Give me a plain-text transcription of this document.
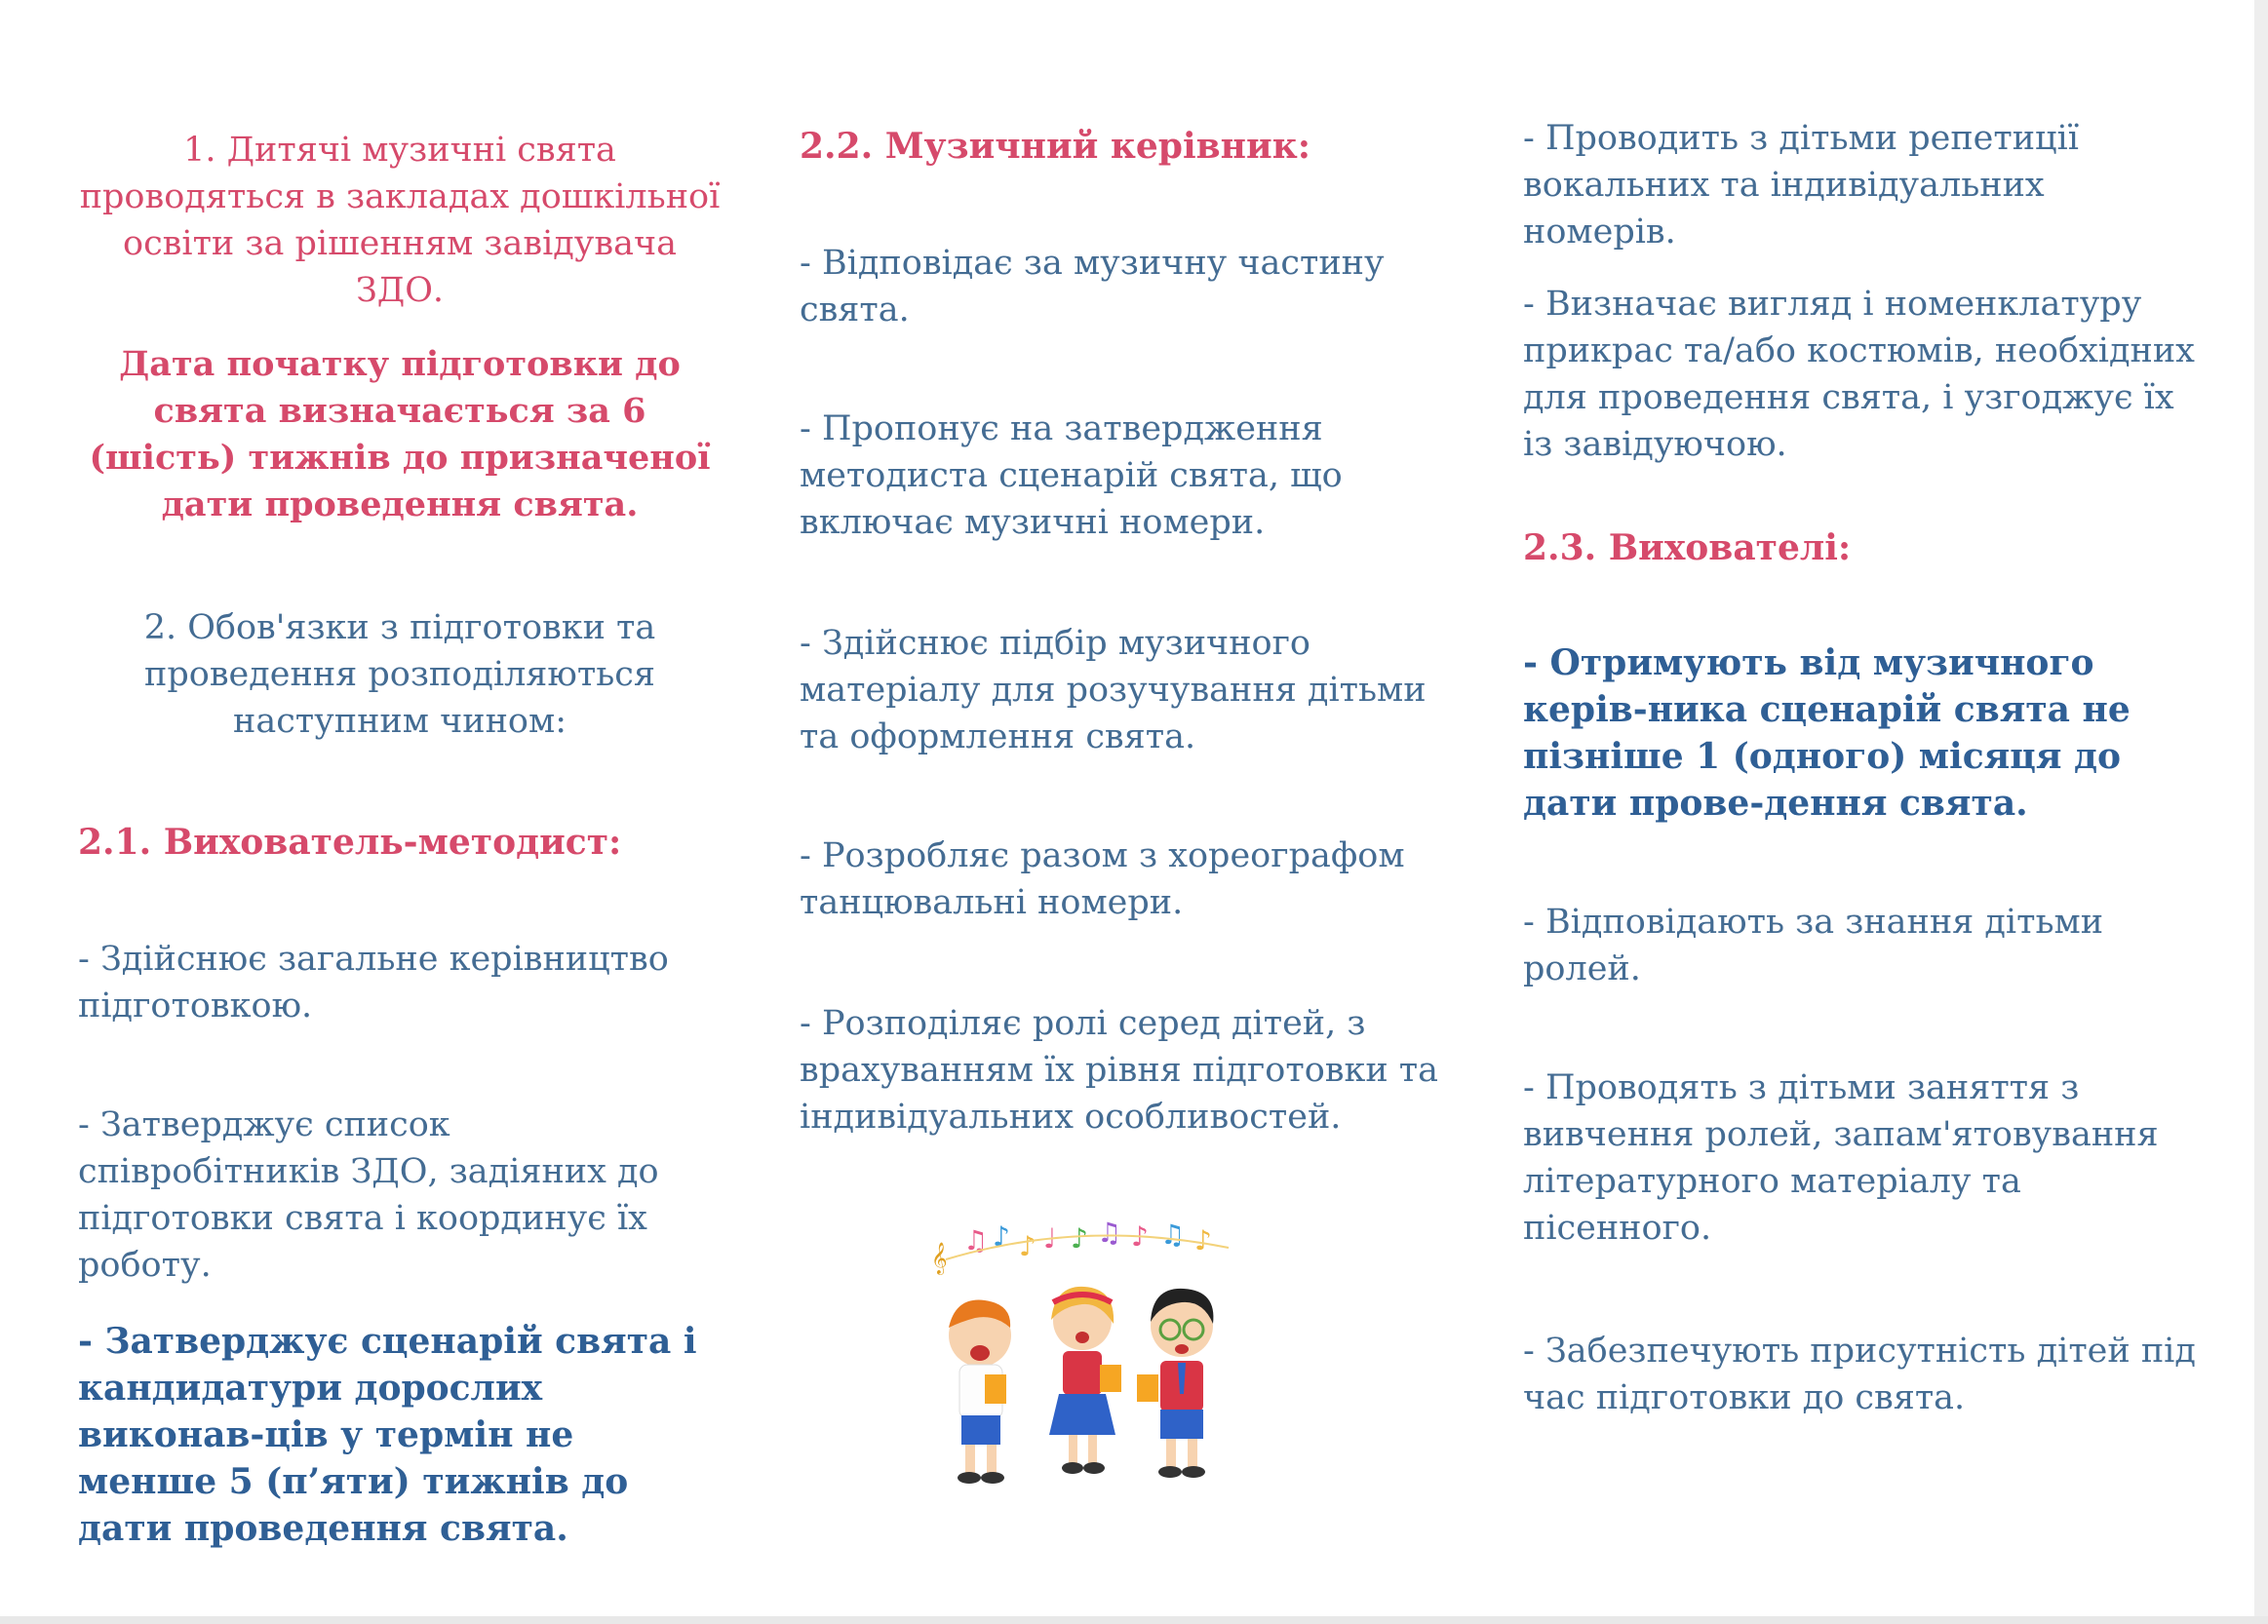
1. Дитячі музичні свята проводяться в закладах дошкільної освіти за рішенням завідувача ЗДО.

Дата початку підготовки до свята визначається за 6 (шість) тижнів до призначеної дати проведення свята.

2. Обов'язки з підготовки та проведення розподіляються наступним чином:

2.1. Вихователь-методист:

- Здійснює загальне керівництво підготовкою.

- Затверджує список співробітників ЗДО, задіяних до підготовки свята і координує їх роботу.

- Затверджує сценарій свята і кандидатури дорослих виконав-ців у термін не менше 5 (п’яти) тижнів до дати проведення свята.

2.2. Музичний керівник:

- Відповідає за музичну частину свята.

- Пропонує на затвердження методиста сценарій свята, що включає музичні номери.

- Здійснює підбір музичного матеріалу для розучування дітьми та оформлення свята.

- Розробляє разом з хореографом танцювальні номери.

- Розподіляє ролі серед дітей, з врахуванням їх рівня підготовки та індивідуальних особливостей.

- Проводить з дітьми репетиції вокальних та індивідуальних номерів.

- Визначає вигляд і номенклатуру прикрас та/або костюмів, необхідних для проведення свята, і узгоджує їх із завідуючою.

2.3. Вихователі:

- Отримують від музичного керів-ника сценарій свята не пізніше 1 (одного) місяця до дати прове-дення свята.

- Відповідають за знання дітьми ролей.

- Проводять з дітьми заняття з вивчення ролей, запам'ятовування літературного матеріалу та пісенного.

- Забезпечують присутність дітей під час підготовки до свята.

𝄞
♫ ♪ ♪ ♩ ♪ ♫ ♪ ♫ ♪
